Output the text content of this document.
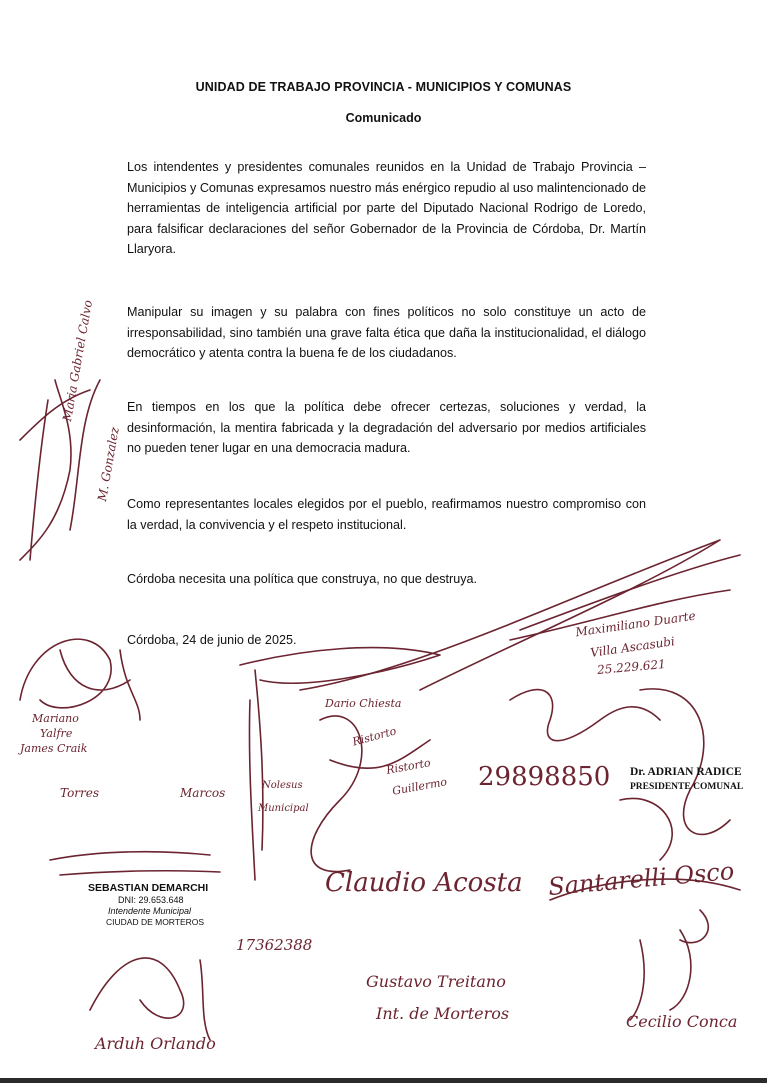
UNIDAD DE TRABAJO PROVINCIA - MUNICIPIOS Y COMUNAS
Comunicado

Los intendentes y presidentes comunales reunidos en la Unidad de Trabajo Provincia – Municipios y Comunas expresamos nuestro más enérgico repudio al uso malintencionado de herramientas de inteligencia artificial por parte del Diputado Nacional Rodrigo de Loredo, para falsificar declaraciones del señor Gobernador de la Provincia de Córdoba, Dr. Martín Llaryora.

Manipular su imagen y su palabra con fines políticos no solo constituye un acto de irresponsabilidad, sino también una grave falta ética que daña la institucionalidad, el diálogo democrático y atenta contra la buena fe de los ciudadanos.

En tiempos en los que la política debe ofrecer certezas, soluciones y verdad, la desinformación, la mentira fabricada y la degradación del adversario por medios artificiales no pueden tener lugar en una democracia madura.

Como representantes locales elegidos por el pueblo, reafirmamos nuestro compromiso con la verdad, la convivencia y el respeto institucional.

Córdoba necesita una política que construya, no que destruya.

Córdoba, 24 de junio de 2025.

Maria Gabriel Calvo
M. Gonzalez
Maximiliano Duarte
Villa Ascasubi
25.229.621
Dario Chiesta
Mariano
Yalfre
James Craik
Dr. ADRIAN RADICE
PRESIDENTE COMUNAL
Torres	Marcos
Nolesus
Municipal
Ristorto
Guillermo
Ristorto
29898850
SEBASTIAN DEMARCHI
DNI: 29.653.648
Intendente Municipal
CIUDAD DE MORTEROS
Claudio Acosta Santarelli Osco
17362388
Gustavo Treitano
Int. de Morteros
Arduh Orlando
Cecilio Conca
